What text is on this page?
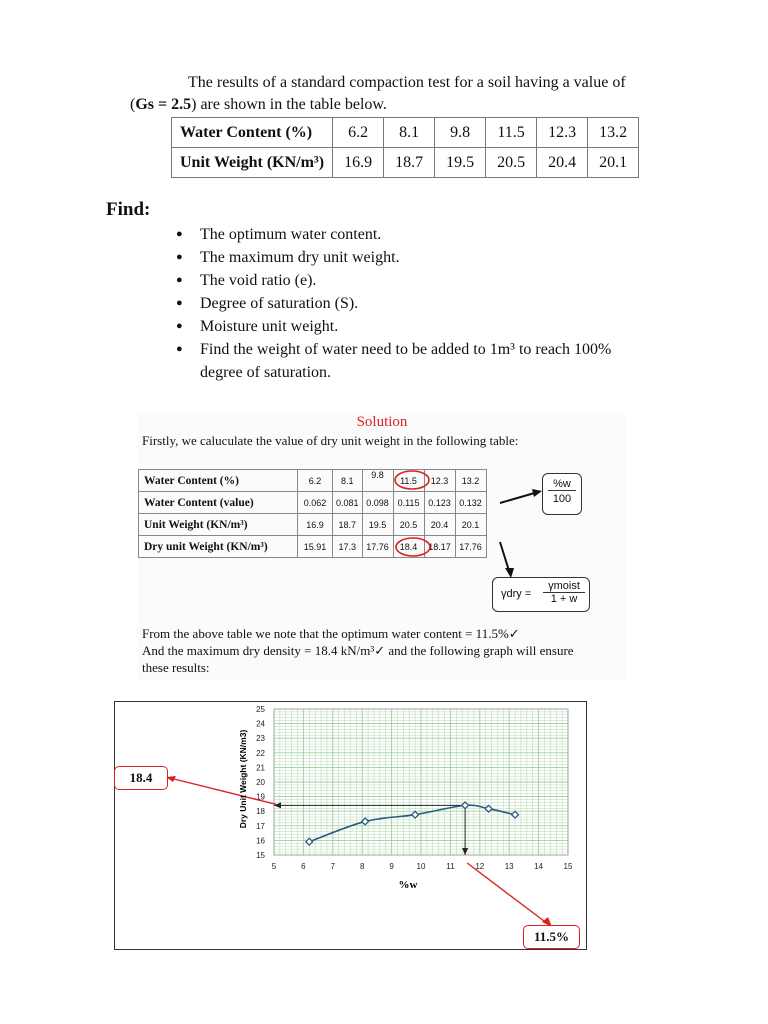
The results of a standard compaction test for a soil having a value of
(Gs = 2.5) are shown in the table below.
Water Content (%)	6.2	8.1	9.8	11.5	12.3	13.2
Unit Weight (KN/m³)	16.9	18.7	19.5	20.5	20.4	20.1
Find:
● The optimum water content.
● The maximum dry unit weight.
● The void ratio (e).
● Degree of saturation (S).
● Moisture unit weight.
● Find the weight of water need to be added to 1m³ to reach 100% degree of saturation.
Solution
Firstly, we caluculate the value of dry unit weight in the following table:
Water Content (%)	6.2	8.1	9.8	11.5	12.3	13.2
Water Content (value)	0.062	0.081	0.098	0.115	0.123	0.132
Unit Weight (KN/m³)	16.9	18.7	19.5	20.5	20.4	20.1
Dry unit Weight (KN/m³)	15.91	17.3	17.76	18.4	18.17	17.76
%w
100
γdry =
γmoist
1 + w
From the above table we note that the optimum water content = 11.5%✓
And the maximum dry density = 18.4 kN/m³✓ and the following graph will ensure
these results:
5	6	7	8	9	10	11	12	13	14	15
15
16
17
18
19
20
21
22
23
24
25
%w
Dry Unit Weight (KN/m3)
18.4
11.5%
